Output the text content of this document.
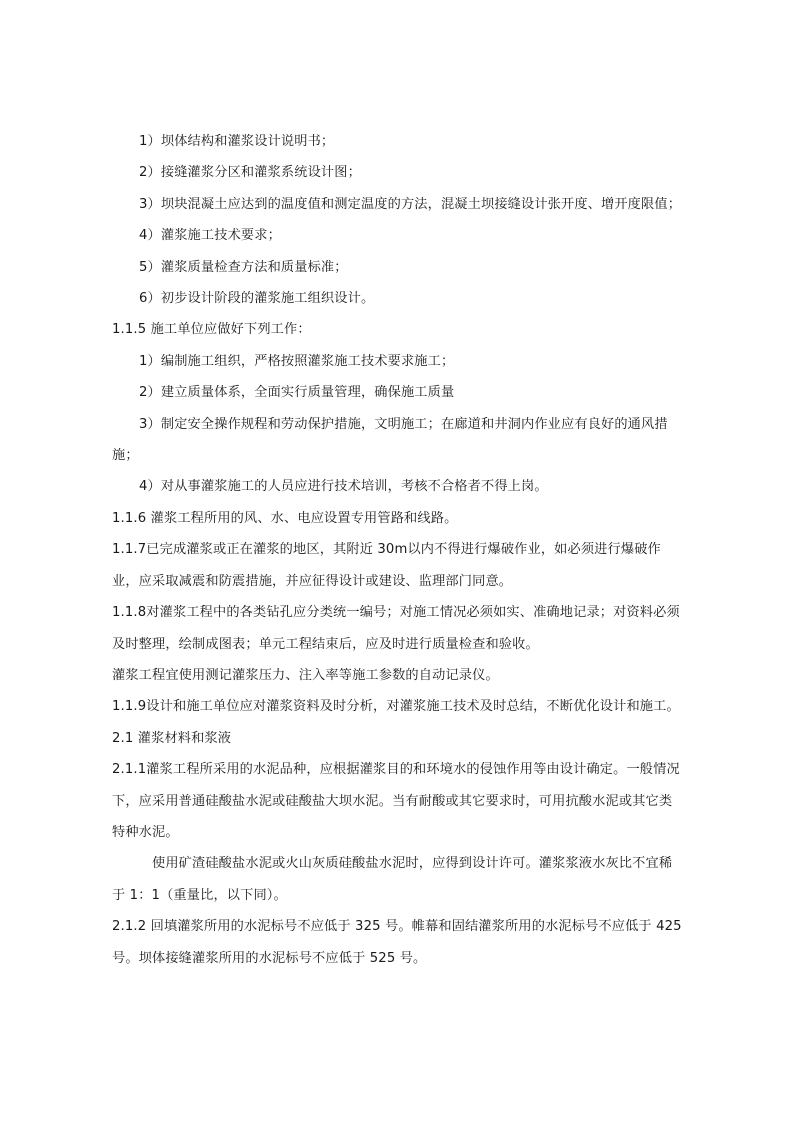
1）坝体结构和灌浆设计说明书；

2）接缝灌浆分区和灌浆系统设计图；

3）坝块混凝土应达到的温度值和测定温度的方法，混凝土坝接缝设计张开度、增开度限值；

4）灌浆施工技术要求；

5）灌浆质量检查方法和质量标准；

6）初步设计阶段的灌浆施工组织设计。

1.1.5 施工单位应做好下列工作：

1）编制施工组织，严格按照灌浆施工技术要求施工；

2）建立质量体系，全面实行质量管理，确保施工质量

3）制定安全操作规程和劳动保护措施，文明施工；在廊道和井洞内作业应有良好的通风措施；

4）对从事灌浆施工的人员应进行技术培训，考核不合格者不得上岗。

1.1.6 灌浆工程所用的风、水、电应设置专用管路和线路。

1.1.7已完成灌浆或正在灌浆的地区，其附近 30m以内不得进行爆破作业，如必须进行爆破作业，应采取减震和防震措施，并应征得设计或建设、监理部门同意。

1.1.8对灌浆工程中的各类钻孔应分类统一编号；对施工情况必须如实、准确地记录；对资料必须及时整理，绘制成图表；单元工程结束后，应及时进行质量检查和验收。

灌浆工程宜使用测记灌浆压力、注入率等施工参数的自动记录仪。

1.1.9设计和施工单位应对灌浆资料及时分析，对灌浆施工技术及时总结，不断优化设计和施工。

2.1 灌浆材料和浆液

2.1.1灌浆工程所采用的水泥品种，应根据灌浆目的和环境水的侵蚀作用等由设计确定。一般情况下，应采用普通硅酸盐水泥或硅酸盐大坝水泥。当有耐酸或其它要求时，可用抗酸水泥或其它类特种水泥。

使用矿渣硅酸盐水泥或火山灰质硅酸盐水泥时，应得到设计许可。灌浆浆液水灰比不宜稀于 1：1（重量比，以下同）。

2.1.2 回填灌浆所用的水泥标号不应低于 325 号。帷幕和固结灌浆所用的水泥标号不应低于 425 号。坝体接缝灌浆所用的水泥标号不应低于 525 号。
